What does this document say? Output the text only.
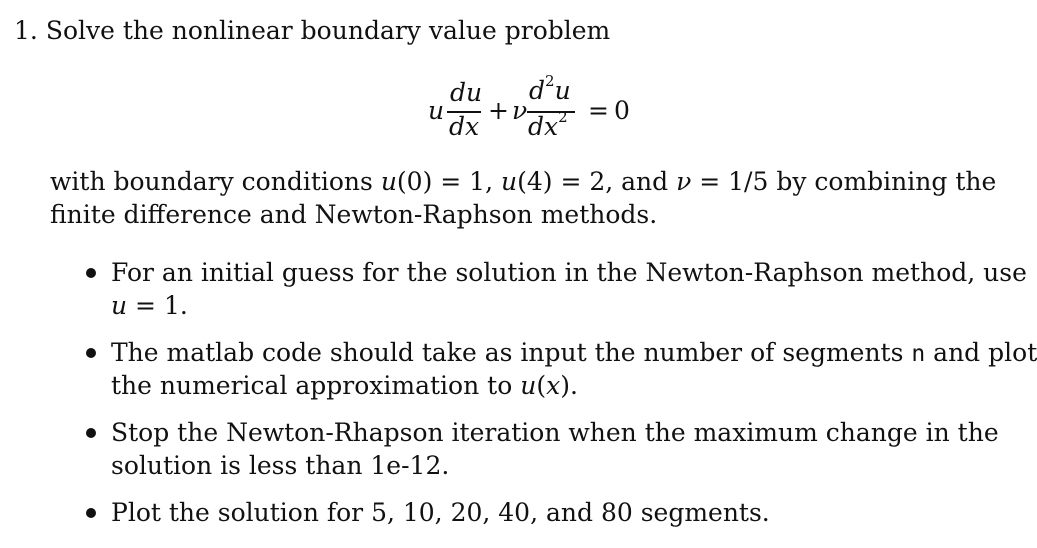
1. Solve the nonlinear boundary value problem
u
du
dx
+ ν
$d^2u$
$dx^2 = 0$
with boundary conditions u(0) = 1, u(4) = 2, and ν = 1/5 by combining the
finite difference and Newton-Raphson methods.
For an initial guess for the solution in the Newton-Raphson method, use
u = 1.
The matlab code should take as input the number of segments n and plot
the numerical approximation to u(x).
Stop the Newton-Rhapson iteration when the maximum change in the
solution is less than 1e-12.
Plot the solution for 5, 10, 20, 40, and 80 segments.
